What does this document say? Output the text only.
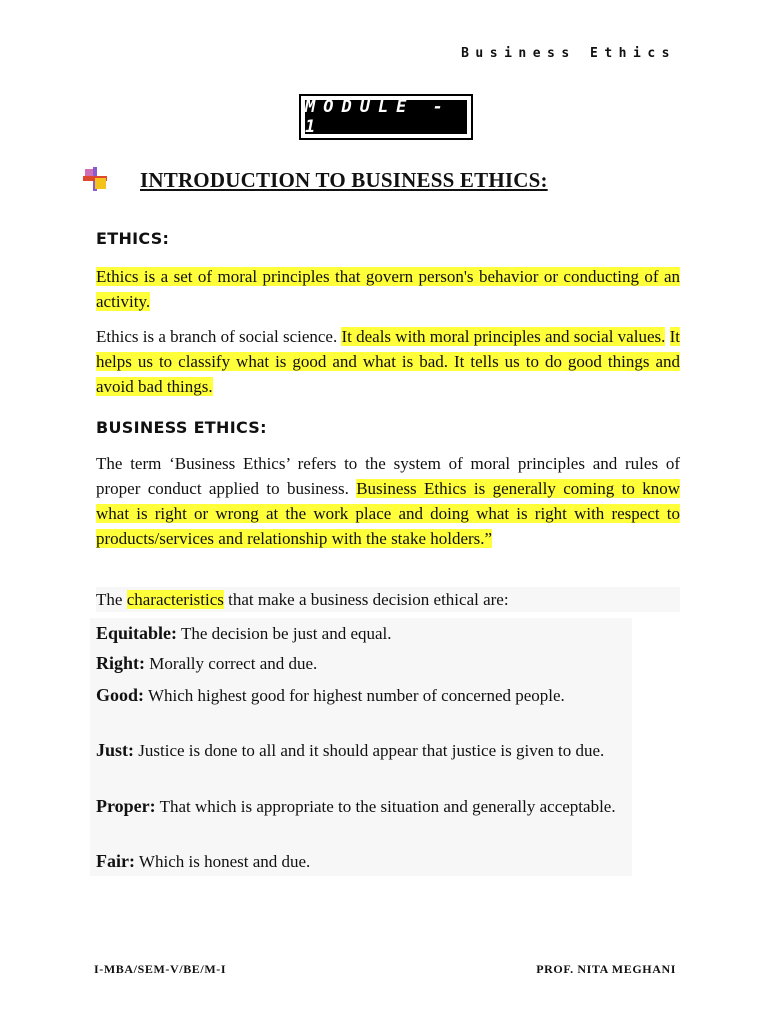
Business Ethics
MODULE - 1
INTRODUCTION TO BUSINESS ETHICS:
ETHICS:
Ethics is a set of moral principles that govern person's behavior or conducting of an activity.
Ethics is a branch of social science. It deals with moral principles and social values. It helps us to classify what is good and what is bad. It tells us to do good things and avoid bad things.
BUSINESS ETHICS:
The term ‘Business Ethics’ refers to the system of moral principles and rules of proper conduct applied to business. Business Ethics is generally coming to know what is right or wrong at the work place and doing what is right with respect to products/services and relationship with the stake holders.”
The characteristics that make a business decision ethical are:
Equitable: The decision be just and equal.
Right: Morally correct and due.
Good: Which highest good for highest number of concerned people.
Just: Justice is done to all and it should appear that justice is given to due.
Proper: That which is appropriate to the situation and generally acceptable.
Fair: Which is honest and due.
I-MBA/SEM-V/BE/M-I	PROF. NITA MEGHANI
